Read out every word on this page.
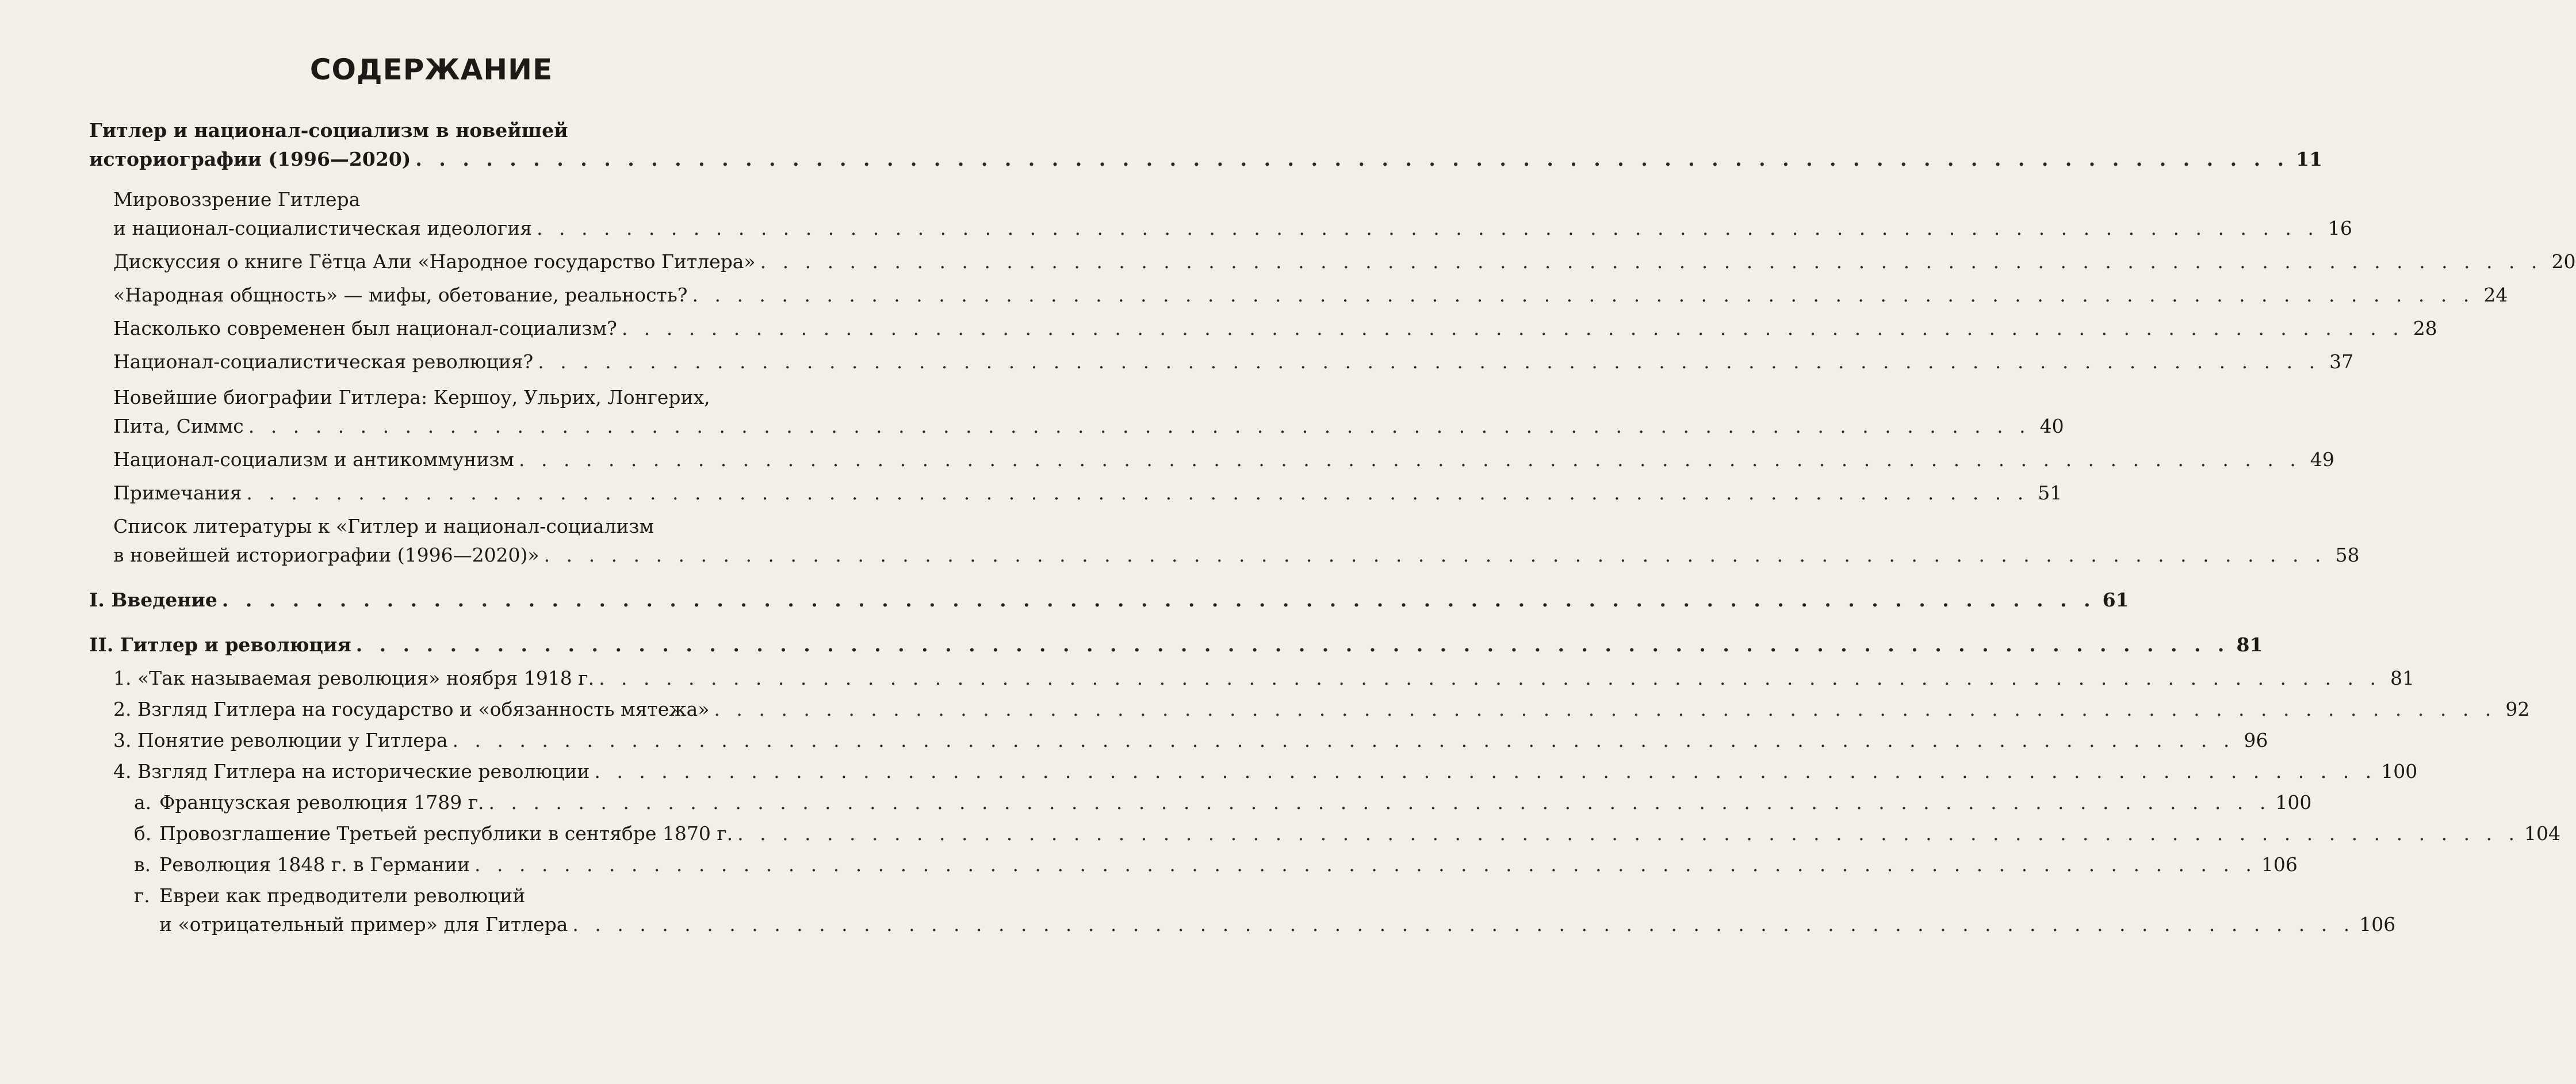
СОДЕРЖАНИЕ
Гитлер и национал-социализм в новейшей
историографии (1996—2020) . . . . . . . . . . . . . . . . . . . . . . . . . . . . . . . . . . . . . . . . . . . . . . . . . . . . . . . . . . . . . . . . . . . . . . . . . . . . . . . . 11
Мировоззрение Гитлера
и национал-социалистическая идеология . . . . . . . . . . . . . . . . . . . . . . . . . . . . . . . . . . . . . . . . . . . . . . . . . . . . . . . . . . . . . . . . . . . . . . . . . . . . . . . . 16
Дискуссия о книге Гётца Али «Народное государство Гитлера» . . . . . . . . . . . . . . . . . . . . . . . . . . . . . . . . . . . . . . . . . . . . . . . . . . . . . . . . . . . . . . . . . . . . . . . . . . . . . . . . 20
«Народная общность» — мифы, обетование, реальность? . . . . . . . . . . . . . . . . . . . . . . . . . . . . . . . . . . . . . . . . . . . . . . . . . . . . . . . . . . . . . . . . . . . . . . . . . . . . . . . . 24
Насколько современен был национал-социализм? . . . . . . . . . . . . . . . . . . . . . . . . . . . . . . . . . . . . . . . . . . . . . . . . . . . . . . . . . . . . . . . . . . . . . . . . . . . . . . . . 28
Национал-социалистическая революция? . . . . . . . . . . . . . . . . . . . . . . . . . . . . . . . . . . . . . . . . . . . . . . . . . . . . . . . . . . . . . . . . . . . . . . . . . . . . . . . . 37
Новейшие биографии Гитлера: Кершоу, Ульрих, Лонгерих,
Пита, Симмс . . . . . . . . . . . . . . . . . . . . . . . . . . . . . . . . . . . . . . . . . . . . . . . . . . . . . . . . . . . . . . . . . . . . . . . . . . . . . . . . 40
Национал-социализм и антикоммунизм . . . . . . . . . . . . . . . . . . . . . . . . . . . . . . . . . . . . . . . . . . . . . . . . . . . . . . . . . . . . . . . . . . . . . . . . . . . . . . . . 49
Примечания . . . . . . . . . . . . . . . . . . . . . . . . . . . . . . . . . . . . . . . . . . . . . . . . . . . . . . . . . . . . . . . . . . . . . . . . . . . . . . . . 51
Список литературы к «Гитлер и национал-социализм
в новейшей историографии (1996—2020)» . . . . . . . . . . . . . . . . . . . . . . . . . . . . . . . . . . . . . . . . . . . . . . . . . . . . . . . . . . . . . . . . . . . . . . . . . . . . . . . . 58
I. Введение . . . . . . . . . . . . . . . . . . . . . . . . . . . . . . . . . . . . . . . . . . . . . . . . . . . . . . . . . . . . . . . . . . . . . . . . . . . . . . . . 61
II. Гитлер и революция . . . . . . . . . . . . . . . . . . . . . . . . . . . . . . . . . . . . . . . . . . . . . . . . . . . . . . . . . . . . . . . . . . . . . . . . . . . . . . . . 81
1. «Так называемая революция» ноября 1918 г. . . . . . . . . . . . . . . . . . . . . . . . . . . . . . . . . . . . . . . . . . . . . . . . . . . . . . . . . . . . . . . . . . . . . . . . . . . . . . . . . 81
2. Взгляд Гитлера на государство и «обязанность мятежа» . . . . . . . . . . . . . . . . . . . . . . . . . . . . . . . . . . . . . . . . . . . . . . . . . . . . . . . . . . . . . . . . . . . . . . . . . . . . . . . . 92
3. Понятие революции у Гитлера . . . . . . . . . . . . . . . . . . . . . . . . . . . . . . . . . . . . . . . . . . . . . . . . . . . . . . . . . . . . . . . . . . . . . . . . . . . . . . . . 96
4. Взгляд Гитлера на исторические революции . . . . . . . . . . . . . . . . . . . . . . . . . . . . . . . . . . . . . . . . . . . . . . . . . . . . . . . . . . . . . . . . . . . . . . . . . . . . . . . . 100
а. Французская революция 1789 г. . . . . . . . . . . . . . . . . . . . . . . . . . . . . . . . . . . . . . . . . . . . . . . . . . . . . . . . . . . . . . . . . . . . . . . . . . . . . . . . . 100
б. Провозглашение Третьей республики в сентябре 1870 г. . . . . . . . . . . . . . . . . . . . . . . . . . . . . . . . . . . . . . . . . . . . . . . . . . . . . . . . . . . . . . . . . . . . . . . . . . . . . . . . . 104
в. Революция 1848 г. в Германии . . . . . . . . . . . . . . . . . . . . . . . . . . . . . . . . . . . . . . . . . . . . . . . . . . . . . . . . . . . . . . . . . . . . . . . . . . . . . . . . 106
г. Евреи как предводители революций
и «отрицательный пример» для Гитлера . . . . . . . . . . . . . . . . . . . . . . . . . . . . . . . . . . . . . . . . . . . . . . . . . . . . . . . . . . . . . . . . . . . . . . . . . . . . . . . . 106
